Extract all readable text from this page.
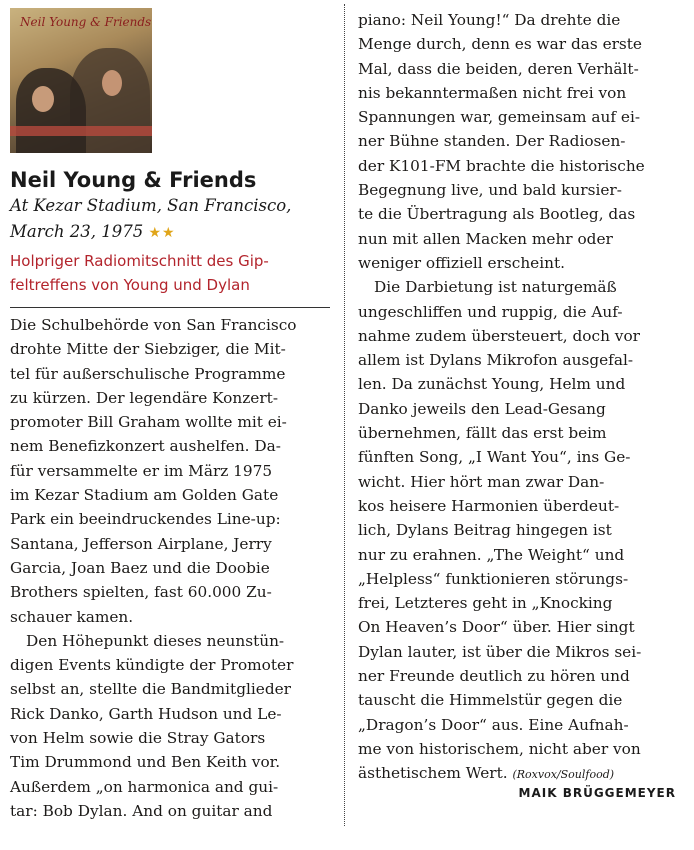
Neil Young & Friends
Neil Young & Friends
At Kezar Stadium, San Francisco,
March 23, 1975 ★★
Holpriger Radiomitschnitt des Gip-
feltreffens von Young und Dylan
Die Schulbehörde von San Francisco
drohte Mitte der Siebziger, die Mit-
tel für außerschulische Programme
zu kürzen. Der legendäre Konzert-
promoter Bill Graham wollte mit ei-
nem Benefizkonzert aushelfen. Da-
für versammelte er im März 1975
im Kezar Stadium am Golden Gate
Park ein beeindruckendes Line-up:
Santana, Jefferson Airplane, Jerry
Garcia, Joan Baez und die Doobie
Brothers spielten, fast 60.000 Zu-
schauer kamen.
Den Höhepunkt dieses neunstün-
digen Events kündigte der Promoter
selbst an, stellte die Bandmitglieder
Rick Danko, Garth Hudson und Le-
von Helm sowie die Stray Gators
Tim Drummond und Ben Keith vor.
Außerdem „on harmonica and gui-
tar: Bob Dylan. And on guitar and
piano: Neil Young!“ Da drehte die
Menge durch, denn es war das erste
Mal, dass die beiden, deren Verhält-
nis bekanntermaßen nicht frei von
Spannungen war, gemeinsam auf ei-
ner Bühne standen. Der Radiosen-
der K101-FM brachte die historische
Begegnung live, und bald kursier-
te die Übertragung als Bootleg, das
nun mit allen Macken mehr oder
weniger offiziell erscheint.
Die Darbietung ist naturgemäß
ungeschliffen und ruppig, die Auf-
nahme zudem übersteuert, doch vor
allem ist Dylans Mikrofon ausgefal-
len. Da zunächst Young, Helm und
Danko jeweils den Lead-Gesang
übernehmen, fällt das erst beim
fünften Song, „I Want You“, ins Ge-
wicht. Hier hört man zwar Dan-
kos heisere Harmonien überdeut-
lich, Dylans Beitrag hingegen ist
nur zu erahnen. „The Weight“ und
„Helpless“ funktionieren störungs-
frei, Letzteres geht in „Knocking
On Heaven’s Door“ über. Hier singt
Dylan lauter, ist über die Mikros sei-
ner Freunde deutlich zu hören und
tauscht die Himmelstür gegen die
„Dragon’s Door“ aus. Eine Aufnah-
me von historischem, nicht aber von
ästhetischem Wert. (Roxvox/Soulfood)
MAIK BRÜGGEMEYER
